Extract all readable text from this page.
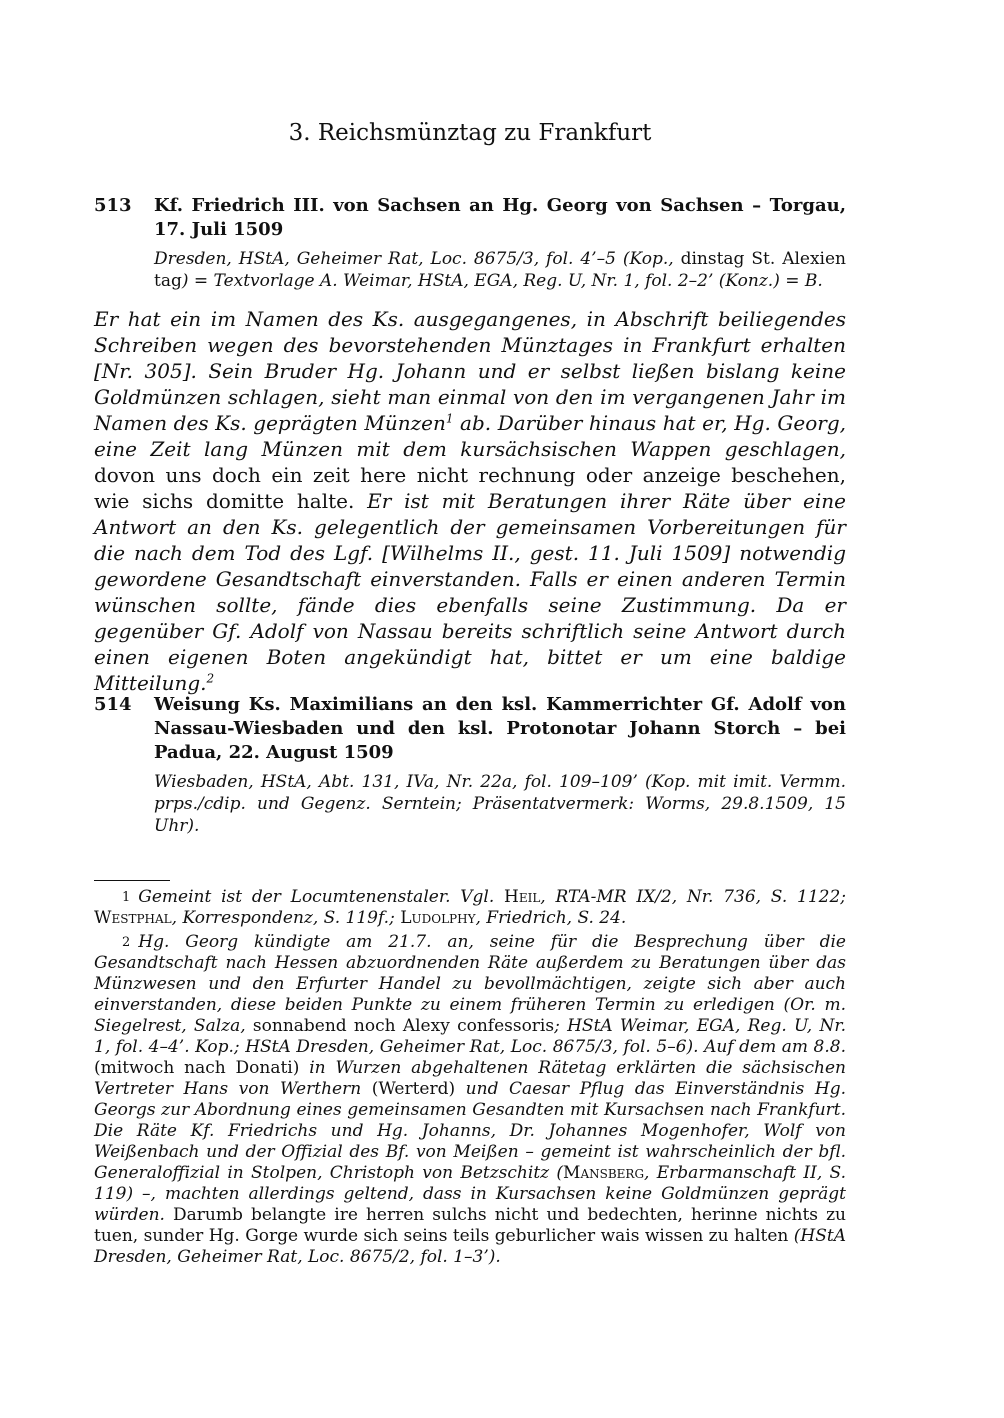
3. Reichsmünztag zu Frankfurt
513 Kf. Friedrich III. von Sachsen an Hg. Georg von Sachsen – Torgau, 17. Juli 1509
Dresden, HStA, Geheimer Rat, Loc. 8675/3, fol. 4’–5 (Kop., dinstag St. Alexien tag) = Textvorlage A. Weimar, HStA, EGA, Reg. U, Nr. 1, fol. 2–2’ (Konz.) = B.
Er hat ein im Namen des Ks. ausgegangenes, in Abschrift beiliegendes Schreiben wegen des bevorstehenden Münztages in Frankfurt erhalten [Nr. 305]. Sein Bruder Hg. Johann und er selbst ließen bislang keine Goldmünzen schlagen, sieht man einmal von den im vergangenen Jahr im Namen des Ks. geprägten Münzen$^1$ ab. Darüber hinaus hat er, Hg. Georg, eine Zeit lang Münzen mit dem kursächsischen Wappen geschlagen, dovon uns doch ein zeit here nicht rechnung oder anzeige beschehen, wie sichs domitte halte. Er ist mit Beratungen ihrer Räte über eine Antwort an den Ks. gelegentlich der gemeinsamen Vorbereitungen für die nach dem Tod des Lgf. [Wilhelms II., gest. 11. Juli 1509] notwendig gewordene Gesandtschaft einverstanden. Falls er einen anderen Termin wünschen sollte, fände dies ebenfalls seine Zustimmung. Da er gegenüber Gf. Adolf von Nassau bereits schriftlich seine Antwort durch einen eigenen Boten angekündigt hat, bittet er um eine baldige Mitteilung.$^2$
514 Weisung Ks. Maximilians an den ksl. Kammerrichter Gf. Adolf von Nassau-Wiesbaden und den ksl. Protonotar Johann Storch – bei Padua, 22. August 1509
Wiesbaden, HStA, Abt. 131, IVa, Nr. 22a, fol. 109–109’ (Kop. mit imit. Vermm. prps./cdip. und Gegenz. Serntein; Präsentatvermerk: Worms, 29.8.1509, 15 Uhr).
$^1$ Gemeint ist der Locumtenenstaler. Vgl. Heil, RTA-MR IX/2, Nr. 736, S. 1122; Westphal, Korrespondenz, S. 119f.; Ludolphy, Friedrich, S. 24.
$^2$ Hg. Georg kündigte am 21.7. an, seine für die Besprechung über die Gesandtschaft nach Hessen abzuordnenden Räte außerdem zu Beratungen über das Münzwesen und den Erfurter Handel zu bevollmächtigen, zeigte sich aber auch einverstanden, diese beiden Punkte zu einem früheren Termin zu erledigen (Or. m. Siegelrest, Salza, sonnabend noch Alexy confessoris; HStA Weimar, EGA, Reg. U, Nr. 1, fol. 4–4’. Kop.; HStA Dresden, Geheimer Rat, Loc. 8675/3, fol. 5–6). Auf dem am 8.8. (mitwoch nach Donati) in Wurzen abgehaltenen Rätetag erklärten die sächsischen Vertreter Hans von Werthern (Werterd) und Caesar Pflug das Einverständnis Hg. Georgs zur Abordnung eines gemeinsamen Gesandten mit Kursachsen nach Frankfurt. Die Räte Kf. Friedrichs und Hg. Johanns, Dr. Johannes Mogenhofer, Wolf von Weißenbach und der Offizial des Bf. von Meißen – gemeint ist wahrscheinlich der bfl. Generaloffizial in Stolpen, Christoph von Betzschitz (Mansberg, Erbarmanschaft II, S. 119) –, machten allerdings geltend, dass in Kursachsen keine Goldmünzen geprägt würden. Darumb belangte ire herren sulchs nicht und bedechten, herinne nichts zu tuen, sunder Hg. Gorge wurde sich seins teils geburlicher wais wissen zu halten (HStA Dresden, Geheimer Rat, Loc. 8675/2, fol. 1–3’).
